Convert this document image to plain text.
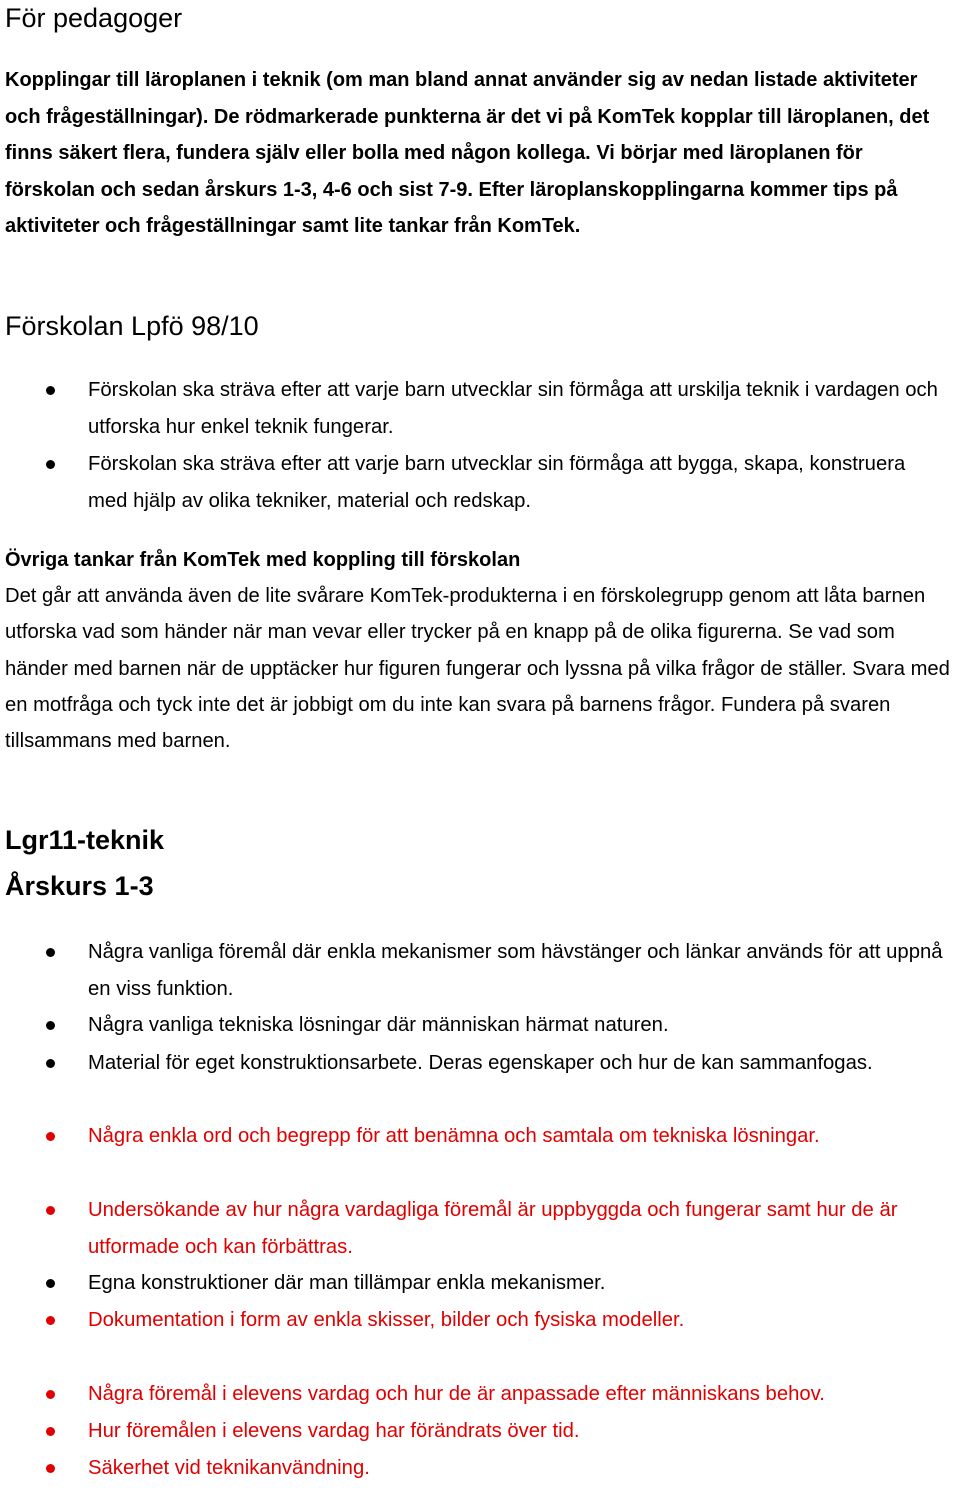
För pedagoger

Kopplingar till läroplanen i teknik (om man bland annat använder sig av nedan listade aktiviteter och frågeställningar). De rödmarkerade punkterna är det vi på KomTek kopplar till läroplanen, det finns säkert flera, fundera själv eller bolla med någon kollega. Vi börjar med läroplanen för förskolan och sedan årskurs 1-3, 4-6 och sist 7-9. Efter läroplanskopplingarna kommer tips på aktiviteter och frågeställningar samt lite tankar från KomTek.

Förskolan Lpfö 98/10
Förskolan ska sträva efter att varje barn utvecklar sin förmåga att urskilja teknik i vardagen och utforska hur enkel teknik fungerar.
Förskolan ska sträva efter att varje barn utvecklar sin förmåga att bygga, skapa, konstruera med hjälp av olika tekniker, material och redskap.
Övriga tankar från KomTek med koppling till förskolan
Det går att använda även de lite svårare KomTek-produkterna i en förskolegrupp genom att låta barnen utforska vad som händer när man vevar eller trycker på en knapp på de olika figurerna. Se vad som händer med barnen när de upptäcker hur figuren fungerar och lyssna på vilka frågor de ställer. Svara med en motfråga och tyck inte det är jobbigt om du inte kan svara på barnens frågor. Fundera på svaren tillsammans med barnen.
Lgr11-teknik
Årskurs 1-3
Några vanliga föremål där enkla mekanismer som hävstänger och länkar används för att uppnå en viss funktion.
Några vanliga tekniska lösningar där människan härmat naturen.
Material för eget konstruktionsarbete. Deras egenskaper och hur de kan sammanfogas.
Några enkla ord och begrepp för att benämna och samtala om tekniska lösningar.
Undersökande av hur några vardagliga föremål är uppbyggda och fungerar samt hur de är utformade och kan förbättras.
Egna konstruktioner där man tillämpar enkla mekanismer.
Dokumentation i form av enkla skisser, bilder och fysiska modeller.
Några föremål i elevens vardag och hur de är anpassade efter människans behov.
Hur föremålen i elevens vardag har förändrats över tid.
Säkerhet vid teknikanvändning.
